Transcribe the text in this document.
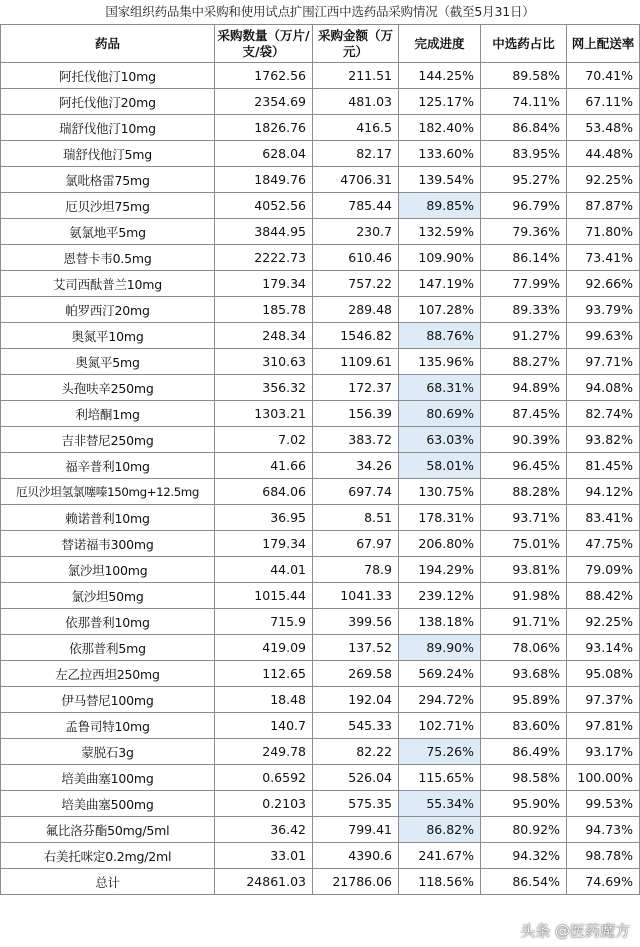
国家组织药品集中采购和使用试点扩围江西中选药品采购情况（截至5月31日）
药品	采购数量（万片/支/袋）	采购金额（万元）	完成进度	中选药占比	网上配送率
阿托伐他汀10mg	1762.56	211.51	144.25%	89.58%	70.41%
阿托伐他汀20mg	2354.69	481.03	125.17%	74.11%	67.11%
瑞舒伐他汀10mg	1826.76	416.5	182.40%	86.84%	53.48%
瑞舒伐他汀5mg	628.04	82.17	133.60%	83.95%	44.48%
氯吡格雷75mg	1849.76	4706.31	139.54%	95.27%	92.25%
厄贝沙坦75mg	4052.56	785.44	89.85%	96.79%	87.87%
氨氯地平5mg	3844.95	230.7	132.59%	79.36%	71.80%
恩替卡韦0.5mg	2222.73	610.46	109.90%	86.14%	73.41%
艾司西酞普兰10mg	179.34	757.22	147.19%	77.99%	92.66%
帕罗西汀20mg	185.78	289.48	107.28%	89.33%	93.79%
奥氮平10mg	248.34	1546.82	88.76%	91.27%	99.63%
奥氮平5mg	310.63	1109.61	135.96%	88.27%	97.71%
头孢呋辛250mg	356.32	172.37	68.31%	94.89%	94.08%
利培酮1mg	1303.21	156.39	80.69%	87.45%	82.74%
吉非替尼250mg	7.02	383.72	63.03%	90.39%	93.82%
福辛普利10mg	41.66	34.26	58.01%	96.45%	81.45%
厄贝沙坦氢氯噻嗪150mg+12.5mg	684.06	697.74	130.75%	88.28%	94.12%
赖诺普利10mg	36.95	8.51	178.31%	93.71%	83.41%
替诺福韦300mg	179.34	67.97	206.80%	75.01%	47.75%
氯沙坦100mg	44.01	78.9	194.29%	93.81%	79.09%
氯沙坦50mg	1015.44	1041.33	239.12%	91.98%	88.42%
依那普利10mg	715.9	399.56	138.18%	91.71%	92.25%
依那普利5mg	419.09	137.52	89.90%	78.06%	93.14%
左乙拉西坦250mg	112.65	269.58	569.24%	93.68%	95.08%
伊马替尼100mg	18.48	192.04	294.72%	95.89%	97.37%
孟鲁司特10mg	140.7	545.33	102.71%	83.60%	97.81%
蒙脱石3g	249.78	82.22	75.26%	86.49%	93.17%
培美曲塞100mg	0.6592	526.04	115.65%	98.58%	100.00%
培美曲塞500mg	0.2103	575.35	55.34%	95.90%	99.53%
氟比洛芬酯50mg/5ml	36.42	799.41	86.82%	80.92%	94.73%
右美托咪定0.2mg/2ml	33.01	4390.6	241.67%	94.32%	98.78%
总计	24861.03	21786.06	118.56%	86.54%	74.69%
头条 @医药魔方
